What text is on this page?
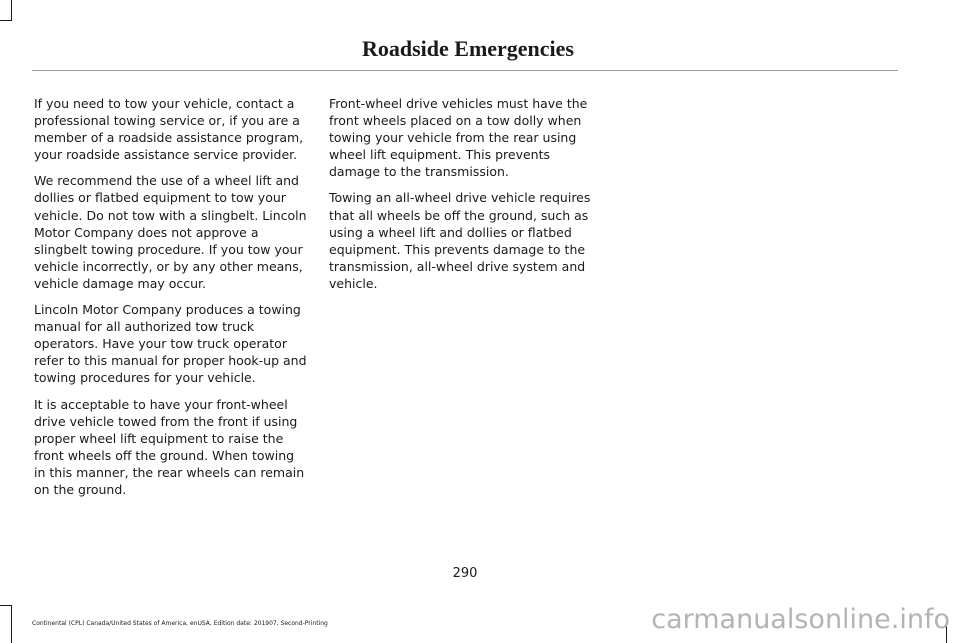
Roadside Emergencies

If you need to tow your vehicle, contact a professional towing service or, if you are a member of a roadside assistance program, your roadside assistance service provider.

We recommend the use of a wheel lift and dollies or flatbed equipment to tow your vehicle. Do not tow with a slingbelt. Lincoln Motor Company does not approve a slingbelt towing procedure. If you tow your vehicle incorrectly, or by any other means, vehicle damage may occur.

Lincoln Motor Company produces a towing manual for all authorized tow truck operators. Have your tow truck operator refer to this manual for proper hook-up and towing procedures for your vehicle.

It is acceptable to have your front-wheel drive vehicle towed from the front if using proper wheel lift equipment to raise the front wheels off the ground. When towing in this manner, the rear wheels can remain on the ground.

Front-wheel drive vehicles must have the front wheels placed on a tow dolly when towing your vehicle from the rear using wheel lift equipment. This prevents damage to the transmission.

Towing an all-wheel drive vehicle requires that all wheels be off the ground, such as using a wheel lift and dollies or flatbed equipment. This prevents damage to the transmission, all-wheel drive system and vehicle.

290
Continental (CPL) Canada/United States of America, enUSA, Edition date: 201907, Second-Printing	carmanualsonline.info
